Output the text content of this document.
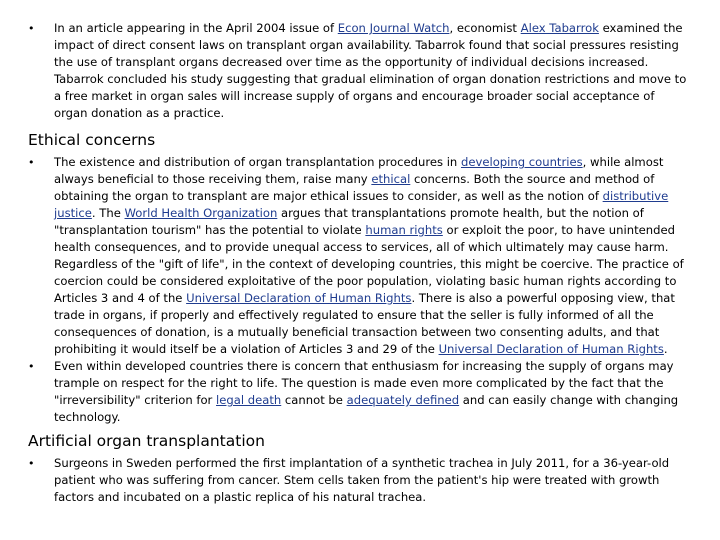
• In an article appearing in the April 2004 issue of Econ Journal Watch, economist Alex Tabarrok examined the impact of direct consent laws on transplant organ availability. Tabarrok found that social pressures resisting the use of transplant organs decreased over time as the opportunity of individual decisions increased. Tabarrok concluded his study suggesting that gradual elimination of organ donation restrictions and move to a free market in organ sales will increase supply of organs and encourage broader social acceptance of organ donation as a practice.
Ethical concerns
• The existence and distribution of organ transplantation procedures in developing countries, while almost always beneficial to those receiving them, raise many ethical concerns. Both the source and method of obtaining the organ to transplant are major ethical issues to consider, as well as the notion of distributive justice. The World Health Organization argues that transplantations promote health, but the notion of "transplantation tourism" has the potential to violate human rights or exploit the poor, to have unintended health consequences, and to provide unequal access to services, all of which ultimately may cause harm. Regardless of the "gift of life", in the context of developing countries, this might be coercive. The practice of coercion could be considered exploitative of the poor population, violating basic human rights according to Articles 3 and 4 of the Universal Declaration of Human Rights. There is also a powerful opposing view, that trade in organs, if properly and effectively regulated to ensure that the seller is fully informed of all the consequences of donation, is a mutually beneficial transaction between two consenting adults, and that prohibiting it would itself be a violation of Articles 3 and 29 of the Universal Declaration of Human Rights.
• Even within developed countries there is concern that enthusiasm for increasing the supply of organs may trample on respect for the right to life. The question is made even more complicated by the fact that the "irreversibility" criterion for legal death cannot be adequately defined and can easily change with changing technology.
Artificial organ transplantation
• Surgeons in Sweden performed the first implantation of a synthetic trachea in July 2011, for a 36-year-old patient who was suffering from cancer. Stem cells taken from the patient's hip were treated with growth factors and incubated on a plastic replica of his natural trachea.
